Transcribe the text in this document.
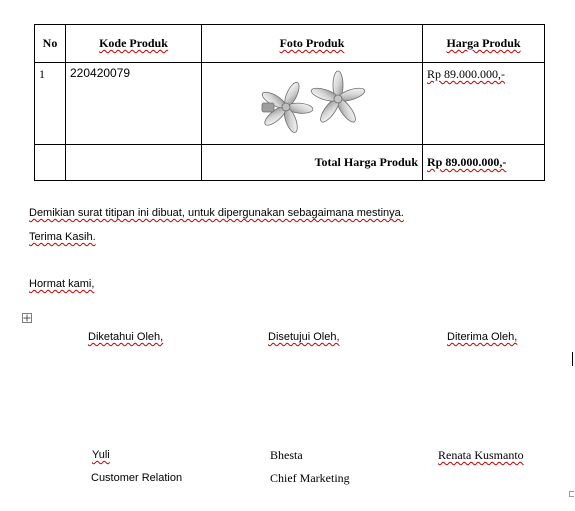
No	Kode Produk	Foto Produk	Harga Produk
1	220420079		Rp 89.000.000,-
		Total Harga Produk	Rp 89.000.000,-
Demikian surat titipan ini dibuat, untuk dipergunakan sebagaimana mestinya.
Terima Kasih.
Hormat kami,
Diketahui Oleh,	Disetujui Oleh,	Diterima Oleh,
Yuli	Bhesta	Renata Kusmanto
Customer Relation	Chief Marketing
